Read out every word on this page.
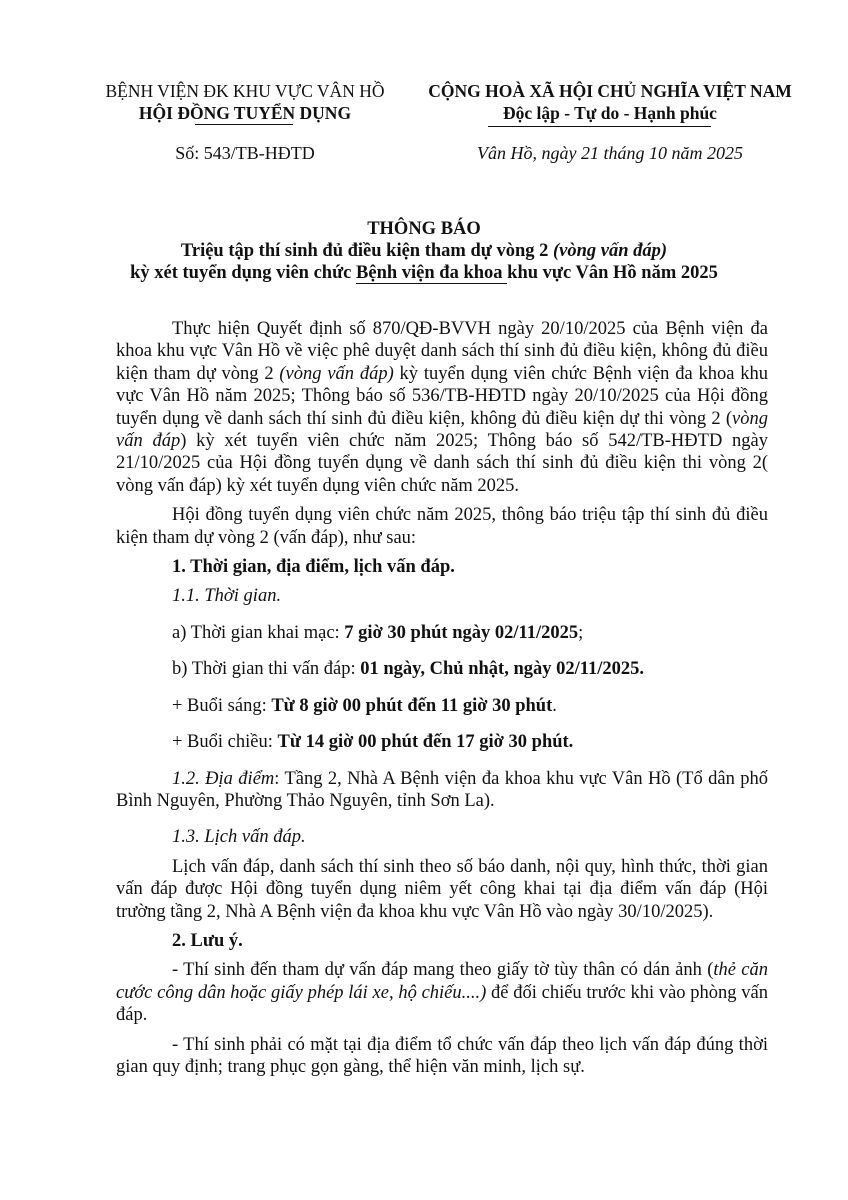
BỆNH VIỆN ĐK KHU VỰC VÂN HỒ
HỘI ĐỒNG TUYỂN DỤNG
CỘNG HOÀ XÃ HỘI CHỦ NGHĨA VIỆT NAM
Độc lập - Tự do - Hạnh phúc
Số: 543/TB-HĐTD	Vân Hồ, ngày 21 tháng 10 năm 2025
THÔNG BÁO
Triệu tập thí sinh đủ điều kiện tham dự vòng 2 (vòng vấn đáp)
kỳ xét tuyển dụng viên chức Bệnh viện đa khoa khu vực Vân Hồ năm 2025

Thực hiện Quyết định số 870/QĐ-BVVH ngày 20/10/2025 của Bệnh viện đa khoa khu vực Vân Hồ về việc phê duyệt danh sách thí sinh đủ điều kiện, không đủ điều kiện tham dự vòng 2 (vòng vấn đáp) kỳ tuyển dụng viên chức Bệnh viện đa khoa khu vực Vân Hồ năm 2025; Thông báo số 536/TB-HĐTD ngày 20/10/2025 của Hội đồng tuyển dụng về danh sách thí sinh đủ điều kiện, không đủ điều kiện dự thi vòng 2 (vòng vấn đáp) kỳ xét tuyển viên chức năm 2025; Thông báo số 542/TB-HĐTD ngày 21/10/2025 của Hội đồng tuyển dụng về danh sách thí sinh đủ điều kiện thi vòng 2( vòng vấn đáp) kỳ xét tuyển dụng viên chức năm 2025.

Hội đồng tuyển dụng viên chức năm 2025, thông báo triệu tập thí sinh đủ điều kiện tham dự vòng 2 (vấn đáp), như sau:

1. Thời gian, địa điểm, lịch vấn đáp.

1.1. Thời gian.

a) Thời gian khai mạc: 7 giờ 30 phút ngày 02/11/2025;

b) Thời gian thi vấn đáp: 01 ngày, Chủ nhật, ngày 02/11/2025.

+ Buổi sáng: Từ 8 giờ 00 phút đến 11 giờ 30 phút.

+ Buổi chiều: Từ 14 giờ 00 phút đến 17 giờ 30 phút.

1.2. Địa điểm: Tầng 2, Nhà A Bệnh viện đa khoa khu vực Vân Hồ (Tổ dân phố Bình Nguyên, Phường Thảo Nguyên, tỉnh Sơn La).

1.3. Lịch vấn đáp.

Lịch vấn đáp, danh sách thí sinh theo số báo danh, nội quy, hình thức, thời gian vấn đáp được Hội đồng tuyển dụng niêm yết công khai tại địa điểm vấn đáp (Hội trường tầng 2, Nhà A Bệnh viện đa khoa khu vực Vân Hồ vào ngày 30/10/2025).

2. Lưu ý.

- Thí sinh đến tham dự vấn đáp mang theo giấy tờ tùy thân có dán ảnh (thẻ căn cước công dân hoặc giấy phép lái xe, hộ chiếu....) để đối chiếu trước khi vào phòng vấn đáp.

- Thí sinh phải có mặt tại địa điểm tổ chức vấn đáp theo lịch vấn đáp đúng thời gian quy định; trang phục gọn gàng, thể hiện văn minh, lịch sự.
